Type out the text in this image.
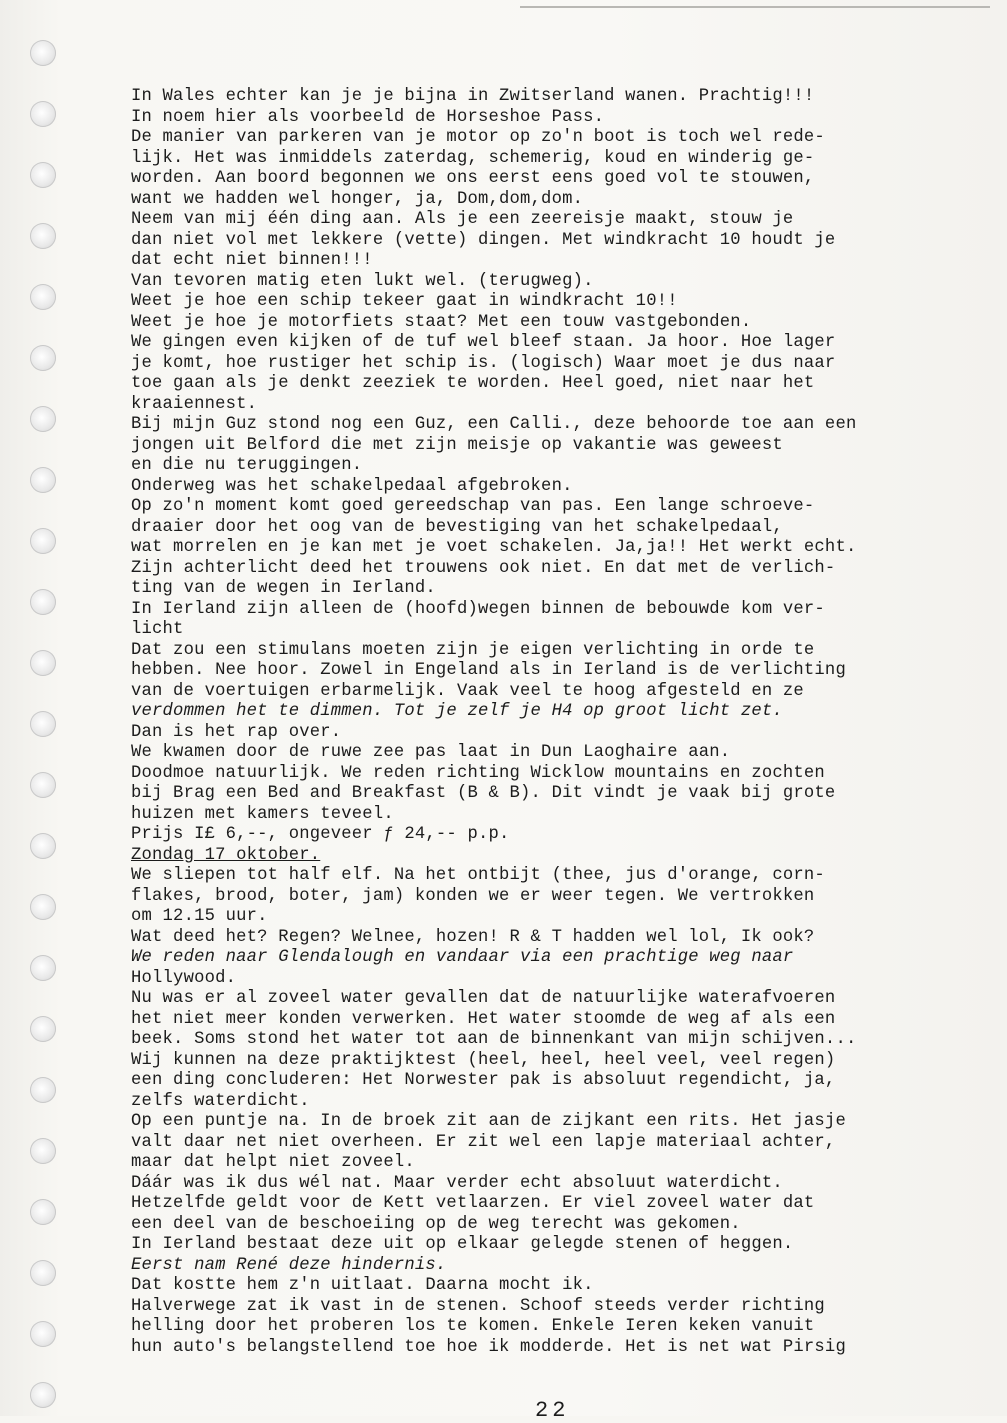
In Wales echter kan je je bijna in Zwitserland wanen. Prachtig!!!
In noem hier als voorbeeld de Horseshoe Pass.
De manier van parkeren van je motor op zo'n boot is toch wel rede-
lijk. Het was inmiddels zaterdag, schemerig, koud en winderig ge-
worden. Aan boord begonnen we ons eerst eens goed vol te stouwen,
want we hadden wel honger, ja, Dom,dom,dom.
Neem van mij één ding aan. Als je een zeereisje maakt, stouw je
dan niet vol met lekkere (vette) dingen. Met windkracht 10 houdt je
dat echt niet binnen!!!
Van tevoren matig eten lukt wel. (terugweg).
Weet je hoe een schip tekeer gaat in windkracht 10!!
Weet je hoe je motorfiets staat? Met een touw vastgebonden.
We gingen even kijken of de tuf wel bleef staan. Ja hoor. Hoe lager
je komt, hoe rustiger het schip is. (logisch) Waar moet je dus naar
toe gaan als je denkt zeeziek te worden. Heel goed, niet naar het
kraaiennest.
Bij mijn Guz stond nog een Guz, een Calli., deze behoorde toe aan een
jongen uit Belford die met zijn meisje op vakantie was geweest
en die nu teruggingen.
Onderweg was het schakelpedaal afgebroken.
Op zo'n moment komt goed gereedschap van pas. Een lange schroeve-
draaier door het oog van de bevestiging van het schakelpedaal,
wat morrelen en je kan met je voet schakelen. Ja,ja!! Het werkt echt.
Zijn achterlicht deed het trouwens ook niet. En dat met de verlich-
ting van de wegen in Ierland.
In Ierland zijn alleen de (hoofd)wegen binnen de bebouwde kom ver-
licht
Dat zou een stimulans moeten zijn je eigen verlichting in orde te
hebben. Nee hoor. Zowel in Engeland als in Ierland is de verlichting
van de voertuigen erbarmelijk. Vaak veel te hoog afgesteld en ze
verdommen het te dimmen. Tot je zelf je H4 op groot licht zet.
Dan is het rap over.
We kwamen door de ruwe zee pas laat in Dun Laoghaire aan.
Doodmoe natuurlijk. We reden richting Wicklow mountains en zochten
bij Brag een Bed and Breakfast (B & B). Dit vindt je vaak bij grote
huizen met kamers teveel.
Prijs I£ 6,--, ongeveer ƒ 24,-- p.p.
Zondag 17 oktober.
We sliepen tot half elf. Na het ontbijt (thee, jus d'orange, corn-
flakes, brood, boter, jam) konden we er weer tegen. We vertrokken
om 12.15 uur.
Wat deed het? Regen? Welnee, hozen! R & T hadden wel lol, Ik ook?
We reden naar Glendalough en vandaar via een prachtige weg naar
Hollywood.
Nu was er al zoveel water gevallen dat de natuurlijke waterafvoeren
het niet meer konden verwerken. Het water stoomde de weg af als een
beek. Soms stond het water tot aan de binnenkant van mijn schijven...
Wij kunnen na deze praktijktest (heel, heel, heel veel, veel regen)
een ding concluderen: Het Norwester pak is absoluut regendicht, ja,
zelfs waterdicht.
Op een puntje na. In de broek zit aan de zijkant een rits. Het jasje
valt daar net niet overheen. Er zit wel een lapje materiaal achter,
maar dat helpt niet zoveel.
Dáár was ik dus wél nat. Maar verder echt absoluut waterdicht.
Hetzelfde geldt voor de Kett vetlaarzen. Er viel zoveel water dat
een deel van de beschoeiing op de weg terecht was gekomen.
In Ierland bestaat deze uit op elkaar gelegde stenen of heggen.
Eerst nam René deze hindernis.
Dat kostte hem z'n uitlaat. Daarna mocht ik.
Halverwege zat ik vast in de stenen. Schoof steeds verder richting
helling door het proberen los te komen. Enkele Ieren keken vanuit
hun auto's belangstellend toe hoe ik modderde. Het is net wat Pirsig
22
